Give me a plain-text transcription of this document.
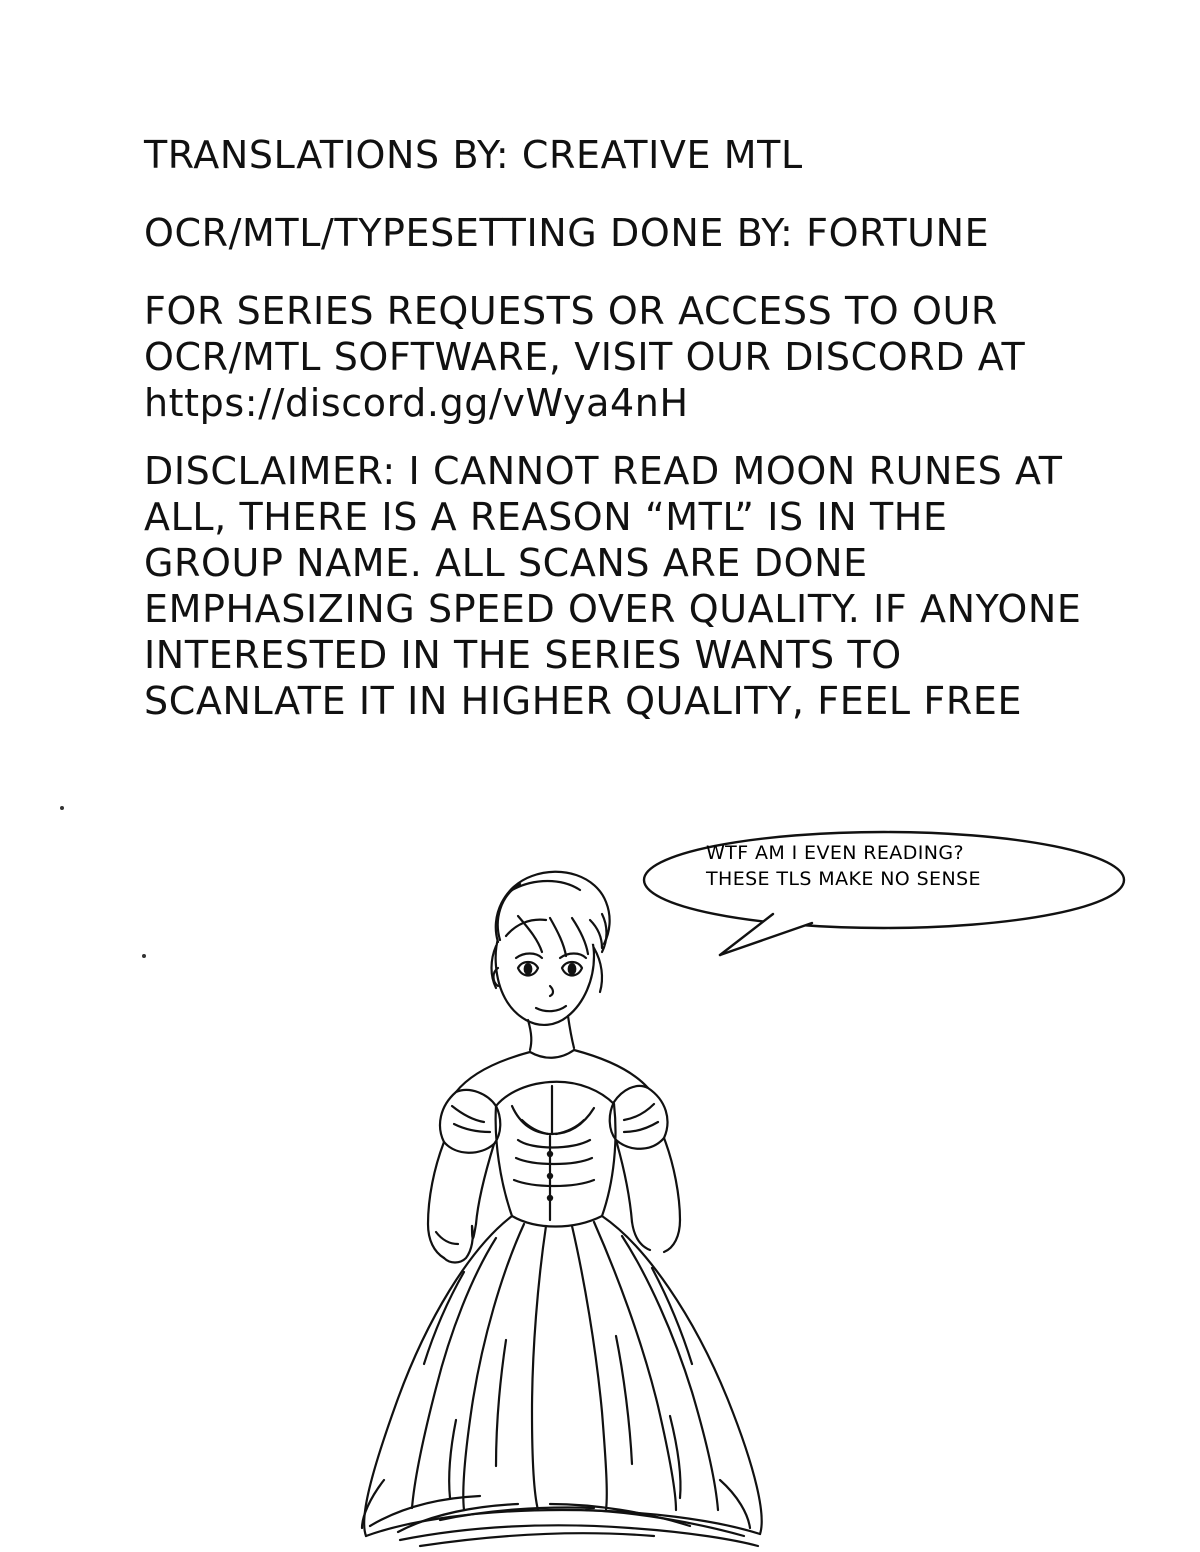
TRANSLATIONS BY: CREATIVE MTL
OCR/MTL/TYPESETTING DONE BY: FORTUNE
FOR SERIES REQUESTS OR ACCESS TO OUR
OCR/MTL SOFTWARE, VISIT OUR DISCORD AT
https://discord.gg/vWya4nH
DISCLAIMER: I CANNOT READ MOON RUNES AT
ALL, THERE IS A REASON “MTL” IS IN THE
GROUP NAME. ALL SCANS ARE DONE
EMPHASIZING SPEED OVER QUALITY. IF ANYONE
INTERESTED IN THE SERIES WANTS TO
SCANLATE IT IN HIGHER QUALITY, FEEL FREE
WTF AM I EVEN READING?
THESE TLS MAKE NO SENSE
